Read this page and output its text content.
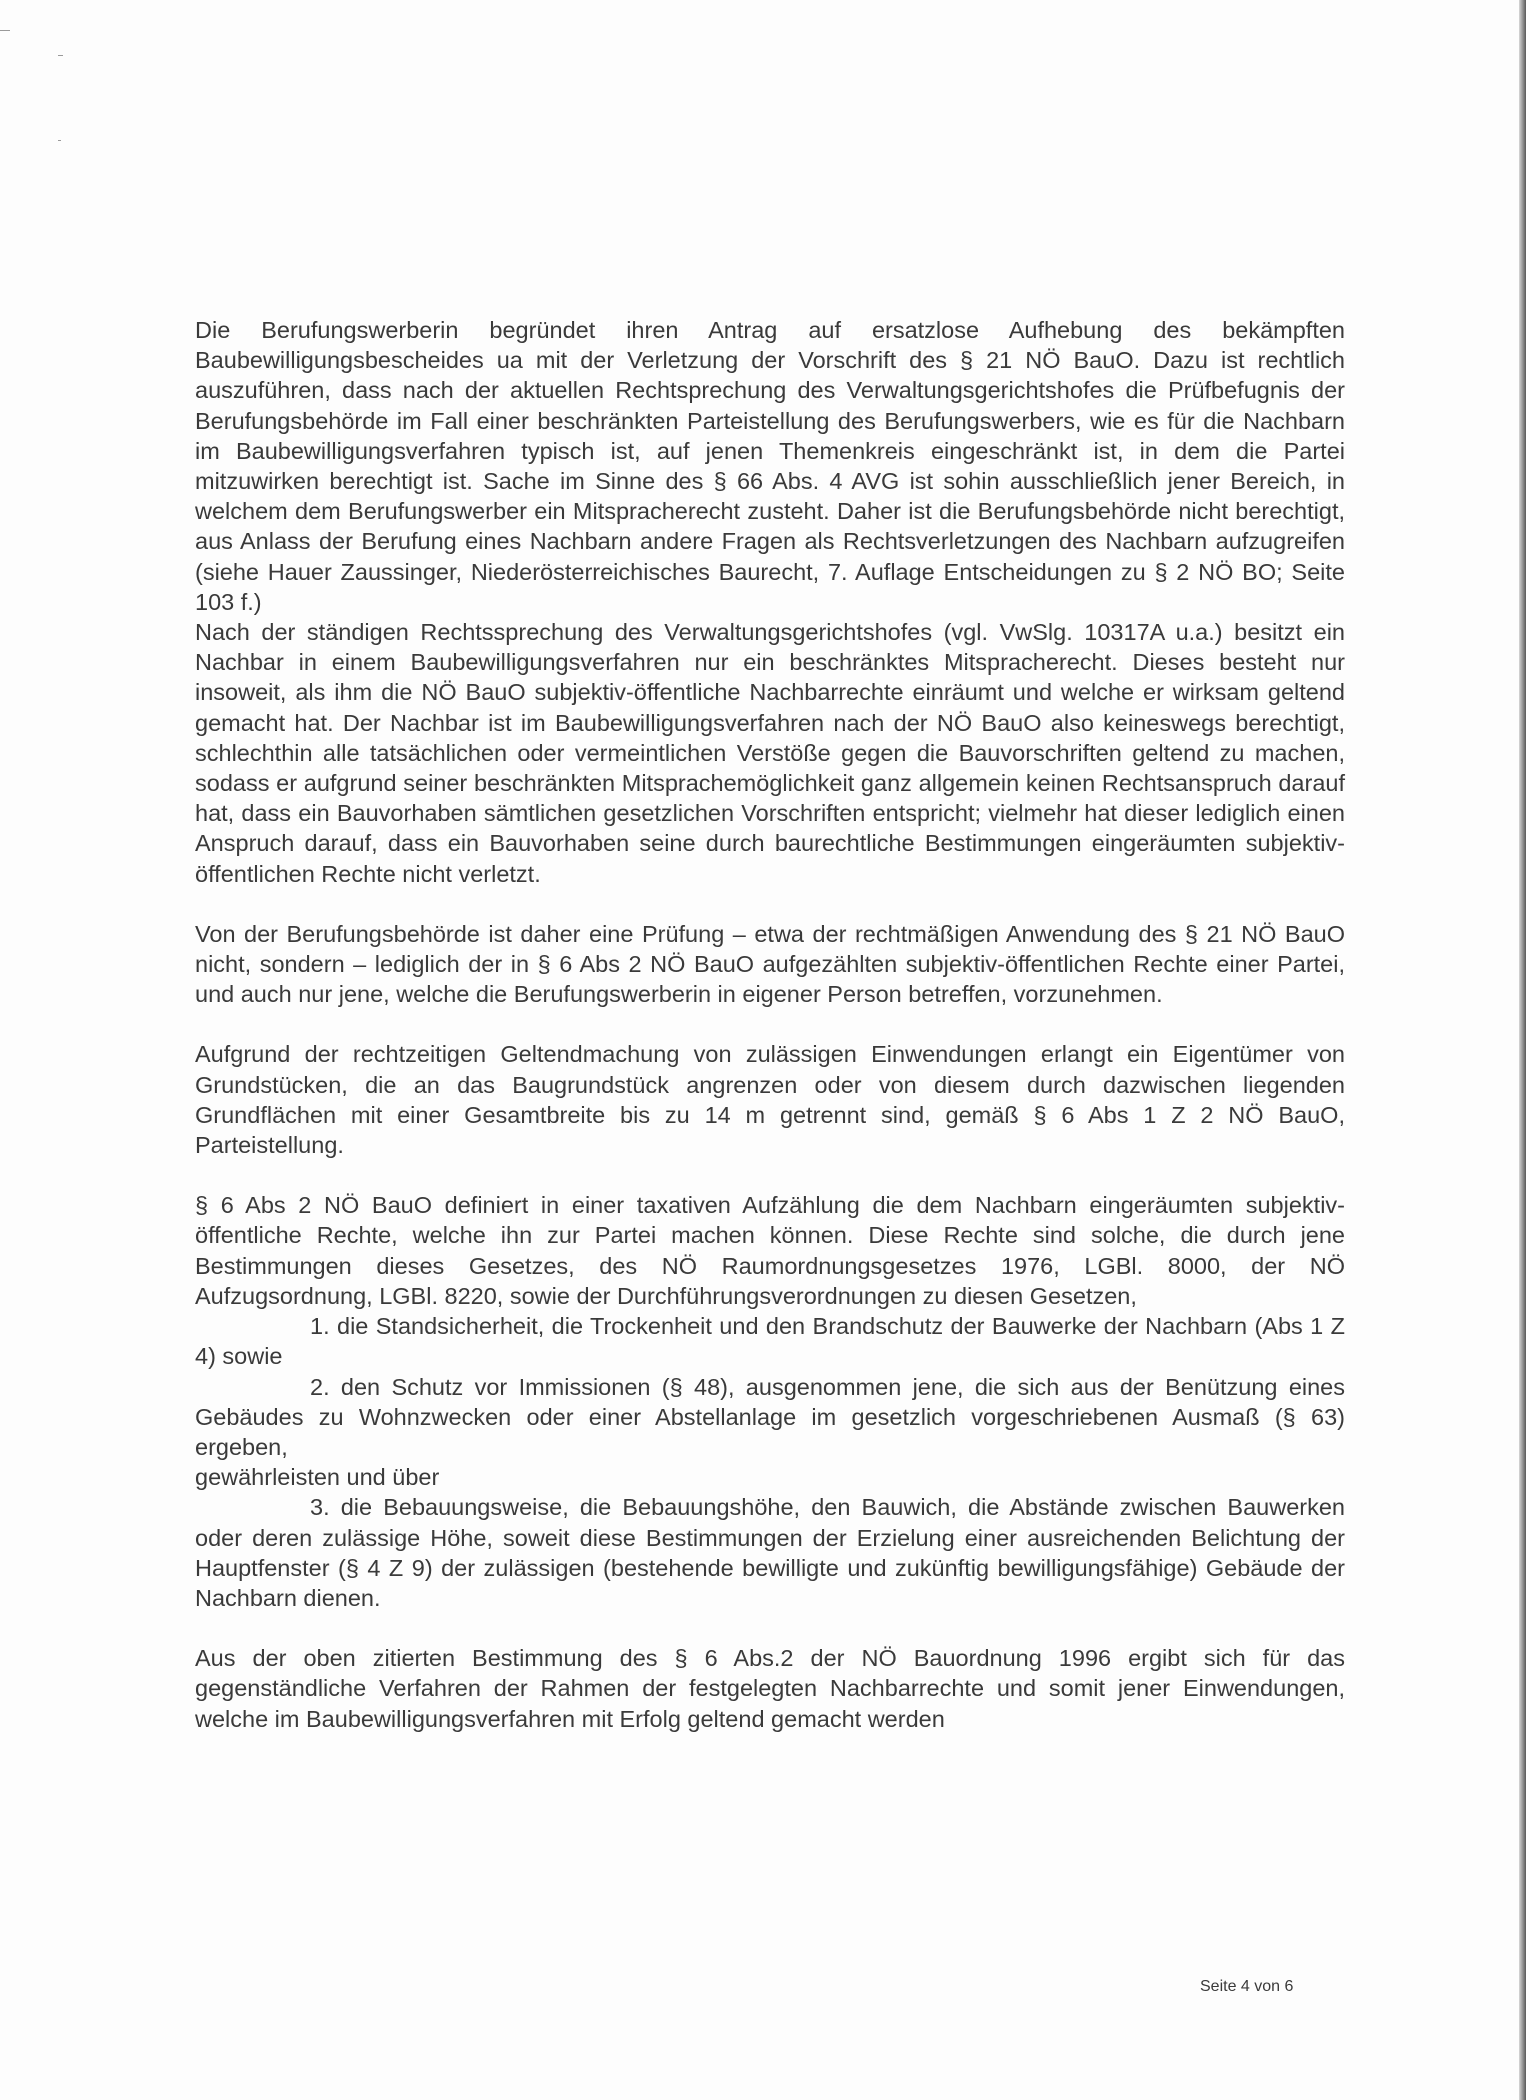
Die Berufungswerberin begründet ihren Antrag auf ersatzlose Aufhebung des bekämpften Baubewilligungsbescheides ua mit der Verletzung der Vorschrift des § 21 NÖ BauO. Dazu ist rechtlich auszuführen, dass nach der aktuellen Rechtsprechung des Verwaltungsgerichtshofes die Prüfbefugnis der Berufungsbehörde im Fall einer beschränkten Parteistellung des Berufungswerbers, wie es für die Nachbarn im Baubewilligungsverfahren typisch ist, auf jenen Themenkreis eingeschränkt ist, in dem die Partei mitzuwirken berechtigt ist. Sache im Sinne des § 66 Abs. 4 AVG ist sohin ausschließlich jener Bereich, in welchem dem Berufungswerber ein Mitspracherecht zusteht. Daher ist die Berufungsbehörde nicht berechtigt, aus Anlass der Berufung eines Nachbarn andere Fragen als Rechtsverletzungen des Nachbarn aufzugreifen (siehe Hauer Zaussinger, Niederösterreichisches Baurecht, 7. Auflage Entscheidungen zu § 2 NÖ BO; Seite 103 f.)

Nach der ständigen Rechtssprechung des Verwaltungsgerichtshofes (vgl. VwSlg. 10317A u.a.) besitzt ein Nachbar in einem Baubewilligungsverfahren nur ein beschränktes Mitspracherecht. Dieses besteht nur insoweit, als ihm die NÖ BauO subjektiv-öffentliche Nachbarrechte einräumt und welche er wirksam geltend gemacht hat. Der Nachbar ist im Baubewilligungsverfahren nach der NÖ BauO also keineswegs berechtigt, schlechthin alle tatsächlichen oder vermeintlichen Verstöße gegen die Bauvorschriften geltend zu machen, sodass er aufgrund seiner beschränkten Mitsprachemöglichkeit ganz allgemein keinen Rechtsanspruch darauf hat, dass ein Bauvorhaben sämtlichen gesetzlichen Vorschriften entspricht; vielmehr hat dieser lediglich einen Anspruch darauf, dass ein Bauvorhaben seine durch baurechtliche Bestimmungen eingeräumten subjektiv-öffentlichen Rechte nicht verletzt.

Von der Berufungsbehörde ist daher eine Prüfung – etwa der rechtmäßigen Anwendung des § 21 NÖ BauO nicht, sondern – lediglich der in § 6 Abs 2 NÖ BauO aufgezählten subjektiv-öffentlichen Rechte einer Partei, und auch nur jene, welche die Berufungswerberin in eigener Person betreffen, vorzunehmen.

Aufgrund der rechtzeitigen Geltendmachung von zulässigen Einwendungen erlangt ein Eigentümer von Grundstücken, die an das Baugrundstück angrenzen oder von diesem durch dazwischen liegenden Grundflächen mit einer Gesamtbreite bis zu 14 m getrennt sind, gemäß § 6 Abs 1 Z 2 NÖ BauO, Parteistellung.

§ 6 Abs 2 NÖ BauO definiert in einer taxativen Aufzählung die dem Nachbarn eingeräumten subjektiv-öffentliche Rechte, welche ihn zur Partei machen können. Diese Rechte sind solche, die durch jene Bestimmungen dieses Gesetzes, des NÖ Raumordnungsgesetzes 1976, LGBl. 8000, der NÖ Aufzugsordnung, LGBl. 8220, sowie der Durchführungsverordnungen zu diesen Gesetzen,

1. die Standsicherheit, die Trockenheit und den Brandschutz der Bauwerke der Nachbarn (Abs 1 Z 4) sowie

2. den Schutz vor Immissionen (§ 48), ausgenommen jene, die sich aus der Benützung eines Gebäudes zu Wohnzwecken oder einer Abstellanlage im gesetzlich vorgeschriebenen Ausmaß (§ 63) ergeben,

gewährleisten und über

3. die Bebauungsweise, die Bebauungshöhe, den Bauwich, die Abstände zwischen Bauwerken oder deren zulässige Höhe, soweit diese Bestimmungen der Erzielung einer ausreichenden Belichtung der Hauptfenster (§ 4 Z 9) der zulässigen (bestehende bewilligte und zukünftig bewilligungsfähige) Gebäude der Nachbarn dienen.

Aus der oben zitierten Bestimmung des § 6 Abs.2 der NÖ Bauordnung 1996 ergibt sich für das gegenständliche Verfahren der Rahmen der festgelegten Nachbarrechte und somit jener Einwendungen, welche im Baubewilligungsverfahren mit Erfolg geltend gemacht werden

Seite 4 von 6
